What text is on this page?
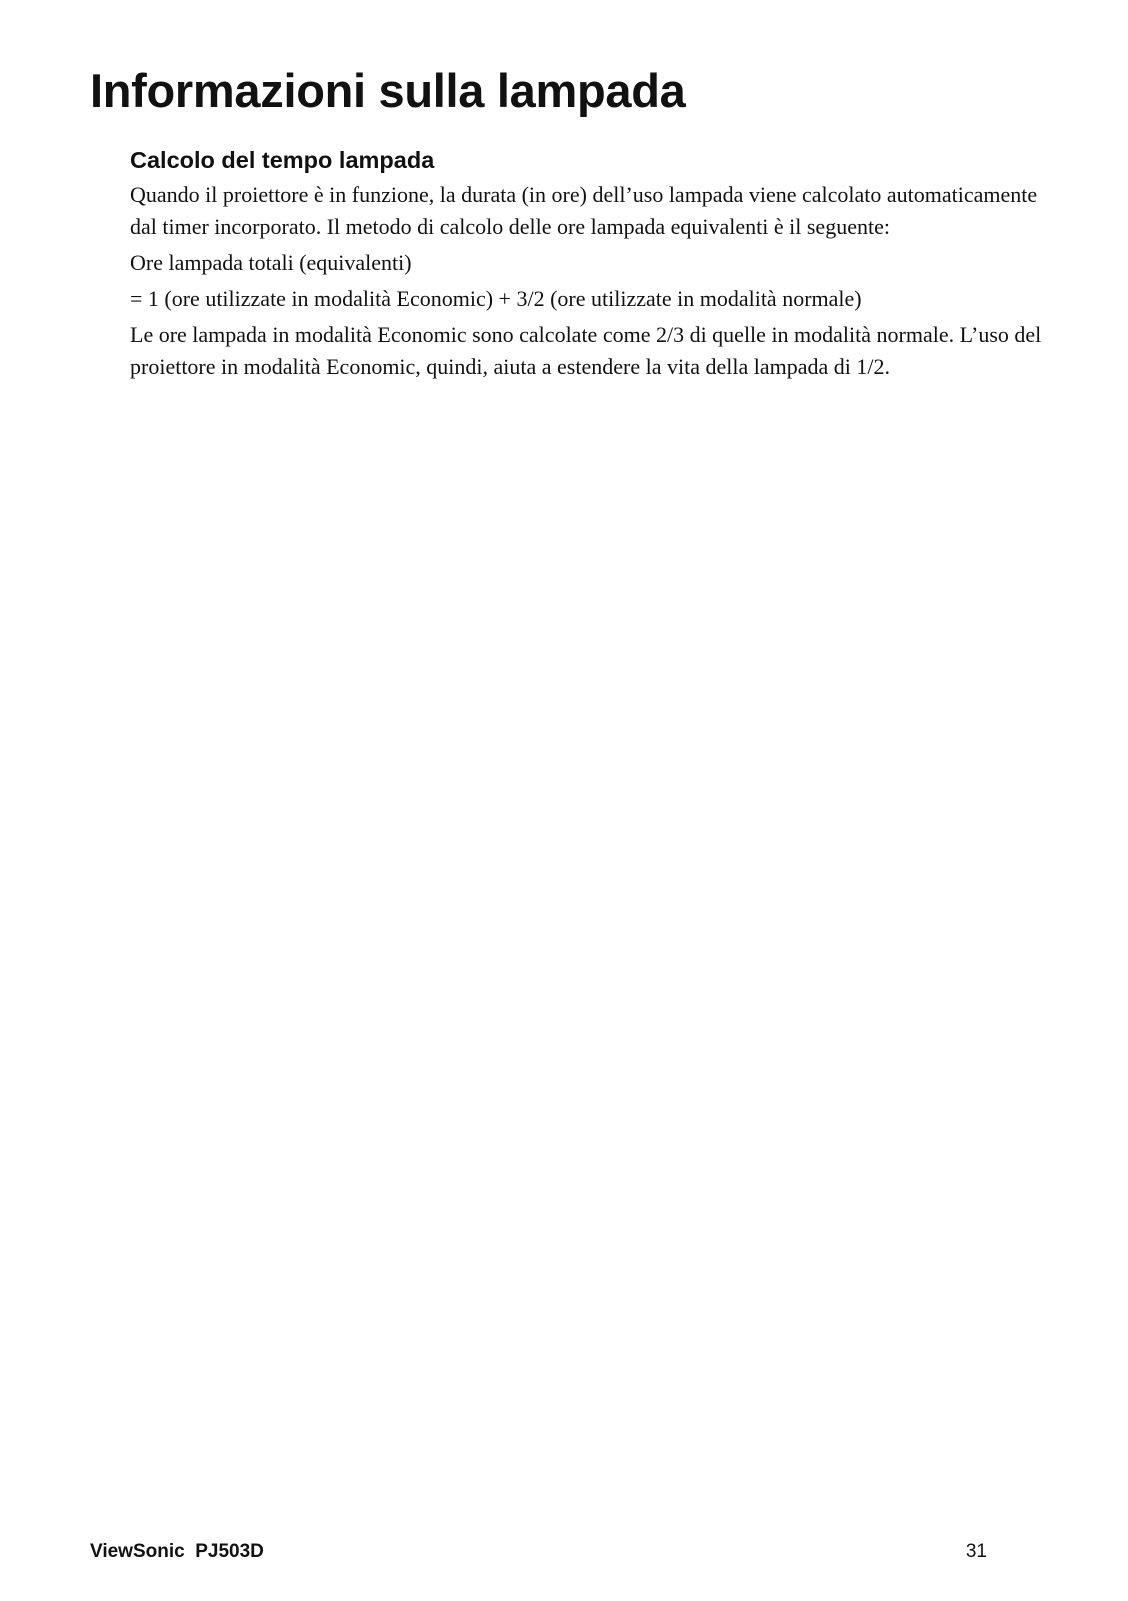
Informazioni sulla lampada
Calcolo del tempo lampada

Quando il proiettore è in funzione, la durata (in ore) dell’uso lampada viene calcolato automaticamente dal timer incorporato. Il metodo di calcolo delle ore lampada equivalenti è il seguente:

Ore lampada totali (equivalenti)

= 1 (ore utilizzate in modalità Economic) + 3/2 (ore utilizzate in modalità normale)

Le ore lampada in modalità Economic sono calcolate come 2/3 di quelle in modalità normale. L’uso del proiettore in modalità Economic, quindi, aiuta a estendere la vita della lampada di 1/2.

ViewSonic  PJ503D	31
